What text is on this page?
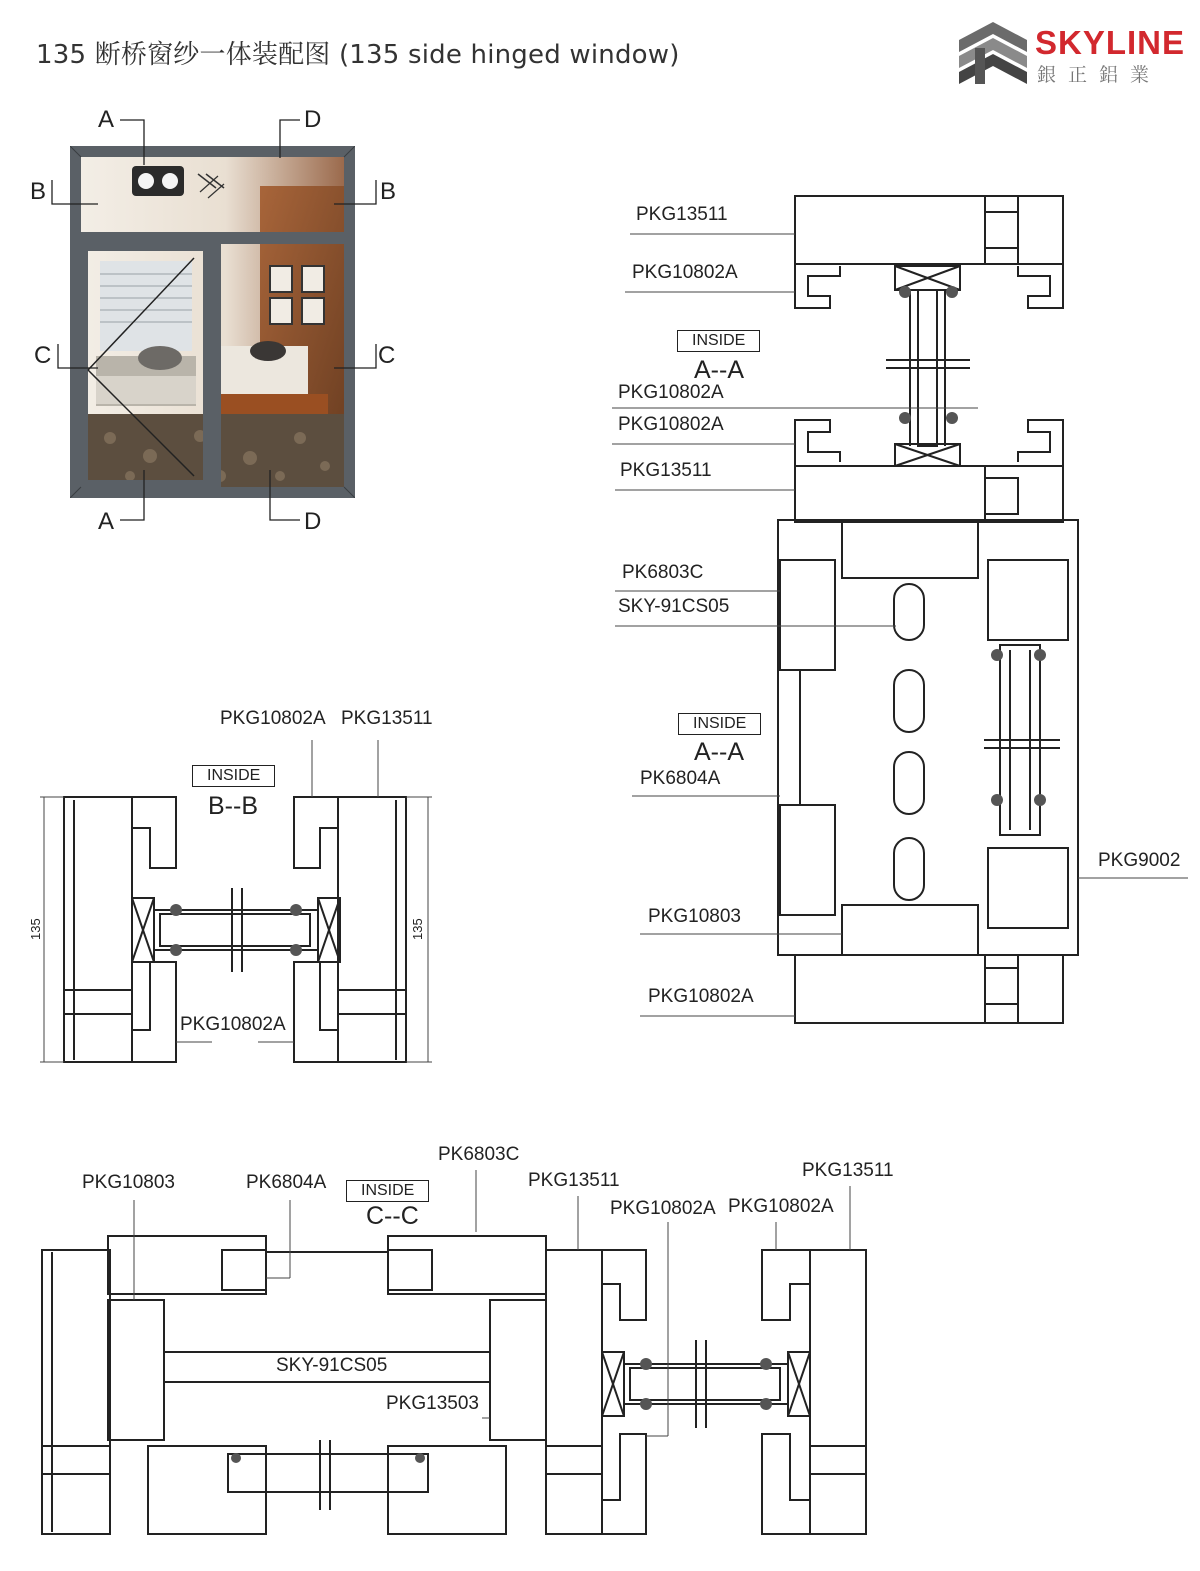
135 断桥窗纱一体装配图 (135 side hinged window)	SKYLINE
銀正鋁業
A	D
B	B
C	C
A	D
PKG13511
PKG10802A
INSIDE
A--A
PKG10802A
PKG10802A
PKG13511
PK6803C
SKY-91CS05
INSIDE
A--A
PK6804A
PKG9002
PKG10803
PKG10802A
PKG10802A PKG13511
INSIDE
B--B
PKG10802A
135	135
PKG10803	PK6804A	INSIDE
C--C
PK6803C
PKG13511	PKG13511
PKG10802A PKG10802A
SKY-91CS05
PKG13503
